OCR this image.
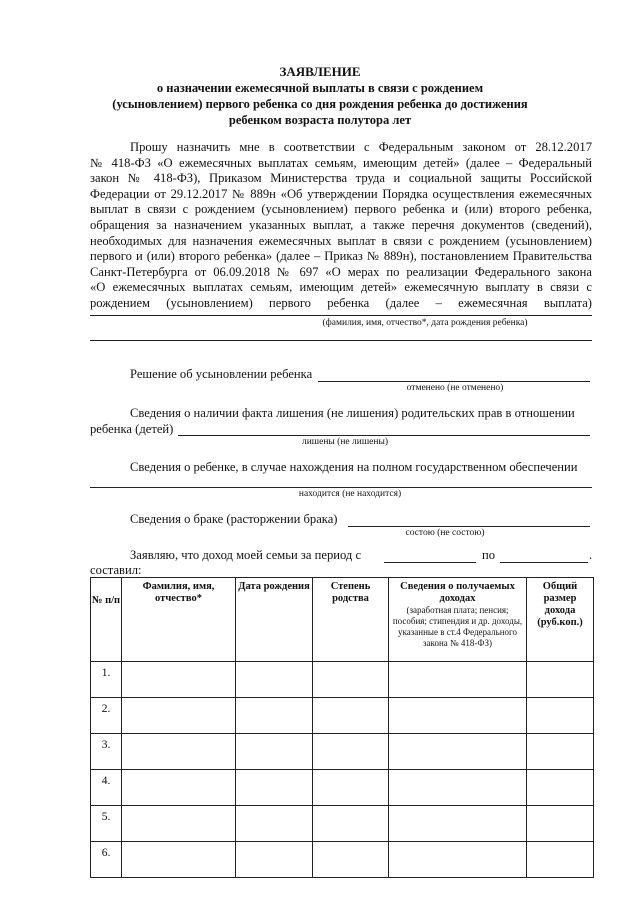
ЗАЯВЛЕНИЕ
о назначении ежемесячной выплаты в связи с рождением
(усыновлением) первого ребенка со дня рождения ребенка до достижения
ребенком возраста полутора лет
Прошу назначить мне в соответствии с Федеральным законом от 28.12.2017
№ 418-ФЗ «О ежемесячных выплатах семьям, имеющим детей» (далее – Федеральный
закон № 418-ФЗ), Приказом Министерства труда и социальной защиты Российской
Федерации от 29.12.2017 № 889н «Об утверждении Порядка осуществления ежемесячных
выплат в связи с рождением (усыновлением) первого ребенка и (или) второго ребенка,
обращения за назначением указанных выплат, а также перечня документов (сведений),
необходимых для назначения ежемесячных выплат в связи с рождением (усыновлением)
первого и (или) второго ребенка» (далее – Приказ № 889н), постановлением Правительства
Санкт-Петербурга от 06.09.2018 № 697 «О мерах по реализации Федерального закона
«О ежемесячных выплатах семьям, имеющим детей» ежемесячную выплату в связи с
рождением (усыновлением) первого ребенка (далее – ежемесячная выплата)
(фамилия, имя, отчество*, дата рождения ребенка)
Решение об усыновлении ребенка
отменено (не отменено)
Сведения о наличии факта лишения (не лишения) родительских прав в отношении
ребенка (детей)
лишены (не лишены)
Сведения о ребенке, в случае нахождения на полном государственном обеспечении
находится (не находится)
Сведения о браке (расторжении брака)
состою (не состою)
Заявляю, что доход моей семьи за период с	по	.
составил:
№ п/п	Фамилия, имя, отчество*	Дата рождения	Степень родства	Сведения о получаемых доходах
(заработная плата; пенсия; пособия; стипендия и др. доходы, указанные в ст.4 Федерального закона № 418-ФЗ)	Общий размер дохода (руб.коп.)
1.					
2.					
3.					
4.					
5.					
6.					
